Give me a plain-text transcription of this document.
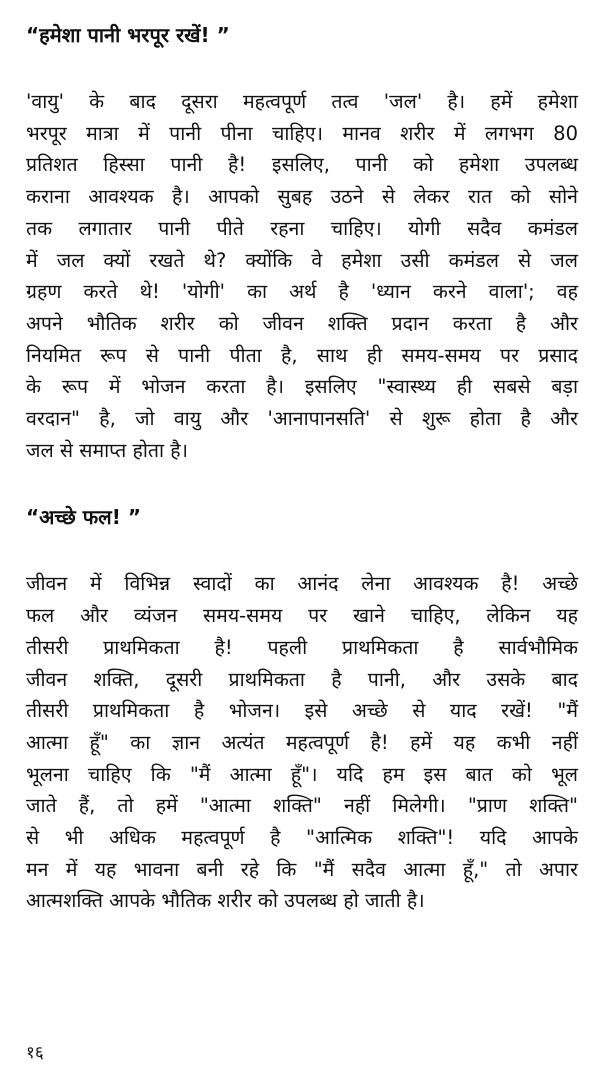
“हमेशा पानी भरपूर रखें! ”
'वायु' के बाद दूसरा महत्वपूर्ण तत्व 'जल' है। हमें हमेशा
भरपूर मात्रा में पानी पीना चाहिए। मानव शरीर में लगभग 80
प्रतिशत हिस्सा पानी है! इसलिए, पानी को हमेशा उपलब्ध
कराना आवश्यक है। आपको सुबह उठने से लेकर रात को सोने
तक लगातार पानी पीते रहना चाहिए। योगी सदैव कमंडल
में जल क्यों रखते थे? क्योंकि वे हमेशा उसी कमंडल से जल
ग्रहण करते थे! 'योगी' का अर्थ है 'ध्यान करने वाला'; वह
अपने भौतिक शरीर को जीवन शक्ति प्रदान करता है और
नियमित रूप से पानी पीता है, साथ ही समय-समय पर प्रसाद
के रूप में भोजन करता है। इसलिए "स्वास्थ्य ही सबसे बड़ा
वरदान" है, जो वायु और 'आनापानसति' से शुरू होता है और
जल से समाप्त होता है।
“अच्छे फल! ”
जीवन में विभिन्न स्वादों का आनंद लेना आवश्यक है! अच्छे
फल और व्यंजन समय-समय पर खाने चाहिए, लेकिन यह
तीसरी प्राथमिकता है! पहली प्राथमिकता है सार्वभौमिक
जीवन शक्ति, दूसरी प्राथमिकता है पानी, और उसके बाद
तीसरी प्राथमिकता है भोजन। इसे अच्छे से याद रखें! "मैं
आत्मा हूँ" का ज्ञान अत्यंत महत्वपूर्ण है! हमें यह कभी नहीं
भूलना चाहिए कि "मैं आत्मा हूँ"। यदि हम इस बात को भूल
जाते हैं, तो हमें "आत्मा शक्ति" नहीं मिलेगी। "प्राण शक्ति"
से भी अधिक महत्वपूर्ण है "आत्मिक शक्ति"! यदि आपके
मन में यह भावना बनी रहे कि "मैं सदैव आत्मा हूँ," तो अपार
आत्मशक्ति आपके भौतिक शरीर को उपलब्ध हो जाती है।
१६
